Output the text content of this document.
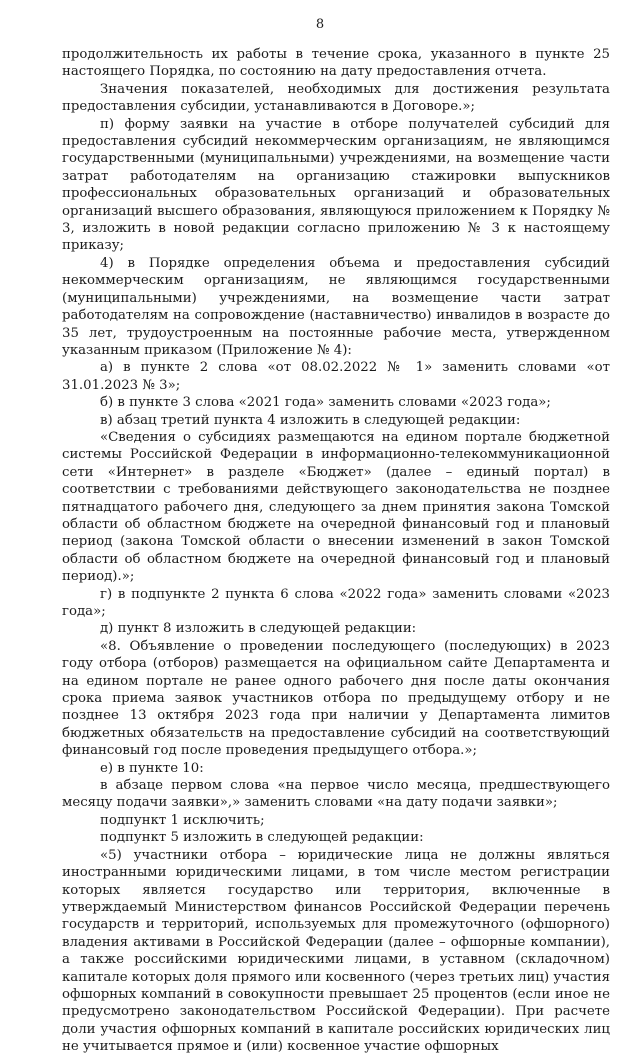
8

продолжительность их работы в течение срока, указанного в пункте 25 настоящего Порядка, по состоянию на дату предоставления отчета.

Значения показателей, необходимых для достижения результата предоставления субсидии, устанавливаются в Договоре.»;

п) форму заявки на участие в отборе получателей субсидий для предоставления субсидий некоммерческим организациям, не являющимся государственными (муниципальными) учреждениями, на возмещение части затрат работодателям на организацию стажировки выпускников профессиональных образовательных организаций и образовательных организаций высшего образования, являющуюся приложением к Порядку № 3, изложить в новой редакции согласно приложению № 3 к настоящему приказу;

4) в Порядке определения объема и предоставления субсидий некоммерческим организациям, не являющимся государственными (муниципальными) учреждениями, на возмещение части затрат работодателям на сопровождение (наставничество) инвалидов в возрасте до 35 лет, трудоустроенным на постоянные рабочие места, утвержденном указанным приказом (Приложение № 4):

а) в пункте 2 слова «от 08.02.2022 № 1» заменить словами «от 31.01.2023 № 3»;

б) в пункте 3 слова «2021 года» заменить словами «2023 года»;

в) абзац третий пункта 4 изложить в следующей редакции:

«Сведения о субсидиях размещаются на едином портале бюджетной системы Российской Федерации в информационно-телекоммуникационной сети «Интернет» в разделе «Бюджет» (далее – единый портал) в соответствии с требованиями действующего законодательства не позднее пятнадцатого рабочего дня, следующего за днем принятия закона Томской области об областном бюджете на очередной финансовый год и плановый период (закона Томской области о внесении изменений в закон Томской области об областном бюджете на очередной финансовый год и плановый период).»;

г) в подпункте 2 пункта 6 слова «2022 года» заменить словами «2023 года»;

д) пункт 8 изложить в следующей редакции:

«8. Объявление о проведении последующего (последующих) в 2023 году отбора (отборов) размещается на официальном сайте Департамента и на едином портале не ранее одного рабочего дня после даты окончания срока приема заявок участников отбора по предыдущему отбору и не позднее 13 октября 2023 года при наличии у Департамента лимитов бюджетных обязательств на предоставление субсидий на соответствующий финансовый год после проведения предыдущего отбора.»;

е) в пункте 10:

в абзаце первом слова «на первое число месяца, предшествующего месяцу подачи заявки»,» заменить словами «на дату подачи заявки»;

подпункт 1 исключить;

подпункт 5 изложить в следующей редакции:

«5) участники отбора – юридические лица не должны являться иностранными юридическими лицами, в том числе местом регистрации которых является государство или территория, включенные в утверждаемый Министерством финансов Российской Федерации перечень государств и территорий, используемых для промежуточного (офшорного) владения активами в Российской Федерации (далее – офшорные компании), а также российскими юридическими лицами, в уставном (складочном) капитале которых доля прямого или косвенного (через третьих лиц) участия офшорных компаний в совокупности превышает 25 процентов (если иное не предусмотрено законодательством Российской Федерации). При расчете доли участия офшорных компаний в капитале российских юридических лиц не учитывается прямое и (или) косвенное участие офшорных
